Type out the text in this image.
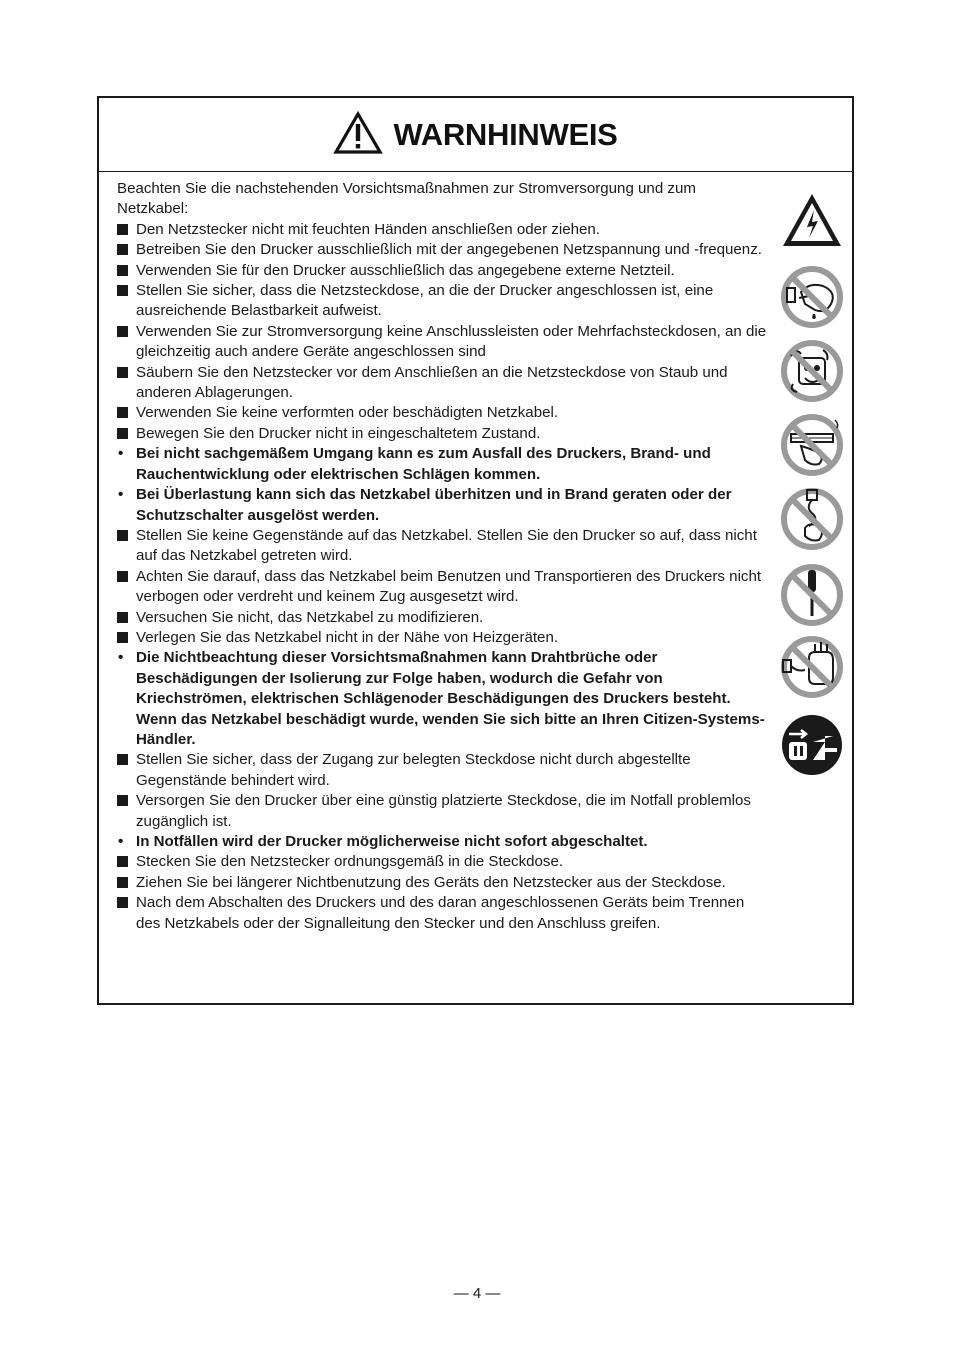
WARNHINWEIS

Beachten Sie die nachstehenden Vorsichtsmaßnahmen zur Stromversorgung und zum Netzkabel:

Den Netzstecker nicht mit feuchten Händen anschließen oder ziehen.

Betreiben Sie den Drucker ausschließlich mit der angegebenen Netzspannung und -frequenz.

Verwenden Sie für den Drucker ausschließlich das angegebene externe Netzteil.

Stellen Sie sicher, dass die Netzsteckdose, an die der Drucker angeschlossen ist, eine ausreichende Belastbarkeit aufweist.

Verwenden Sie zur Stromversorgung keine Anschlussleisten oder Mehrfachsteckdosen, an die gleichzeitig auch andere Geräte angeschlossen sind

Säubern Sie den Netzstecker vor dem Anschließen an die Netzsteckdose von Staub und anderen Ablagerungen.

Verwenden Sie keine verformten oder beschädigten Netzkabel.

Bewegen Sie den Drucker nicht in eingeschaltetem Zustand.

• Bei nicht sachgemäßem Umgang kann es zum Ausfall des Druckers, Brand- und Rauchentwicklung oder elektrischen Schlägen kommen.

• Bei Überlastung kann sich das Netzkabel überhitzen und in Brand geraten oder der Schutzschalter ausgelöst werden.

Stellen Sie keine Gegenstände auf das Netzkabel. Stellen Sie den Drucker so auf, dass nicht auf das Netzkabel getreten wird.

Achten Sie darauf, dass das Netzkabel beim Benutzen und Transportieren des Druckers nicht verbogen oder verdreht und keinem Zug ausgesetzt wird.

Versuchen Sie nicht, das Netzkabel zu modifizieren.

Verlegen Sie das Netzkabel nicht in der Nähe von Heizgeräten.

• Die Nichtbeachtung dieser Vorsichtsmaßnahmen kann Drahtbrüche oder Beschädigungen der Isolierung zur Folge haben, wodurch die Gefahr von Kriechströmen, elektrischen Schlägenoder Beschädigungen des Druckers besteht. Wenn das Netzkabel beschädigt wurde, wenden Sie sich bitte an Ihren Citizen-Systems-Händler.

Stellen Sie sicher, dass der Zugang zur belegten Steckdose nicht durch abgestellte Gegenstände behindert wird.

Versorgen Sie den Drucker über eine günstig platzierte Steckdose, die im Notfall problemlos zugänglich ist.

• In Notfällen wird der Drucker möglicherweise nicht sofort abgeschaltet.

Stecken Sie den Netzstecker ordnungsgemäß in die Steckdose.

Ziehen Sie bei längerer Nichtbenutzung des Geräts den Netzstecker aus der Steckdose.

Nach dem Abschalten des Druckers und des daran angeschlossenen Geräts beim Trennen des Netzkabels oder der Signalleitung den Stecker und den Anschluss greifen.

— 4 —
